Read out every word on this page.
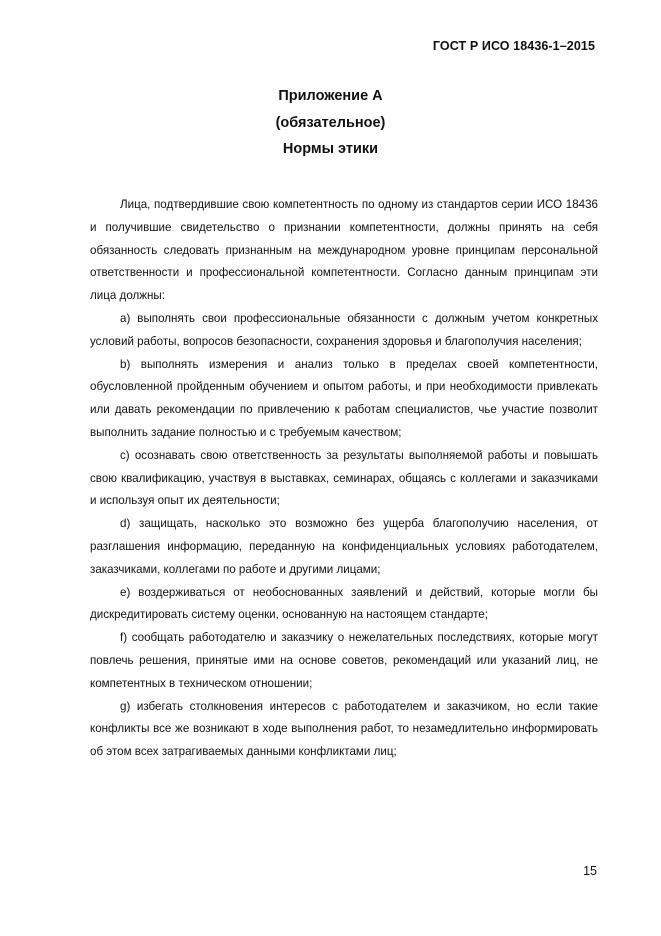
ГОСТ Р ИСО 18436-1–2015
Приложение А
(обязательное)
Нормы этики

Лица, подтвердившие свою компетентность по одному из стандартов серии ИСО 18436 и получившие свидетельство о признании компетентности, должны принять на себя обязанность следовать признанным на международном уровне принципам персональной ответственности и профессиональной компетентности. Согласно данным принципам эти лица должны:

а) выполнять свои профессиональные обязанности с должным учетом конкретных условий работы, вопросов безопасности, сохранения здоровья и благополучия населения;

b) выполнять измерения и анализ только в пределах своей компетентности, обусловленной пройденным обучением и опытом работы, и при необходимости привлекать или давать рекомендации по привлечению к работам специалистов, чье участие позволит выполнить задание полностью и с требуемым качеством;

c) осознавать свою ответственность за результаты выполняемой работы и повышать свою квалификацию, участвуя в выставках, семинарах, общаясь с коллегами и заказчиками и используя опыт их деятельности;

d) защищать, насколько это возможно без ущерба благополучию населения, от разглашения информацию, переданную на конфиденциальных условиях работодателем, заказчиками, коллегами по работе и другими лицами;

е) воздерживаться от необоснованных заявлений и действий, которые могли бы дискредитировать систему оценки, основанную на настоящем стандарте;

f) сообщать работодателю и заказчику о нежелательных последствиях, которые могут повлечь решения, принятые ими на основе советов, рекомендаций или указаний лиц, не компетентных в техническом отношении;

g) избегать столкновения интересов с работодателем и заказчиком, но если такие конфликты все же возникают в ходе выполнения работ, то незамедлительно информировать об этом всех затрагиваемых данными конфликтами лиц;

15
